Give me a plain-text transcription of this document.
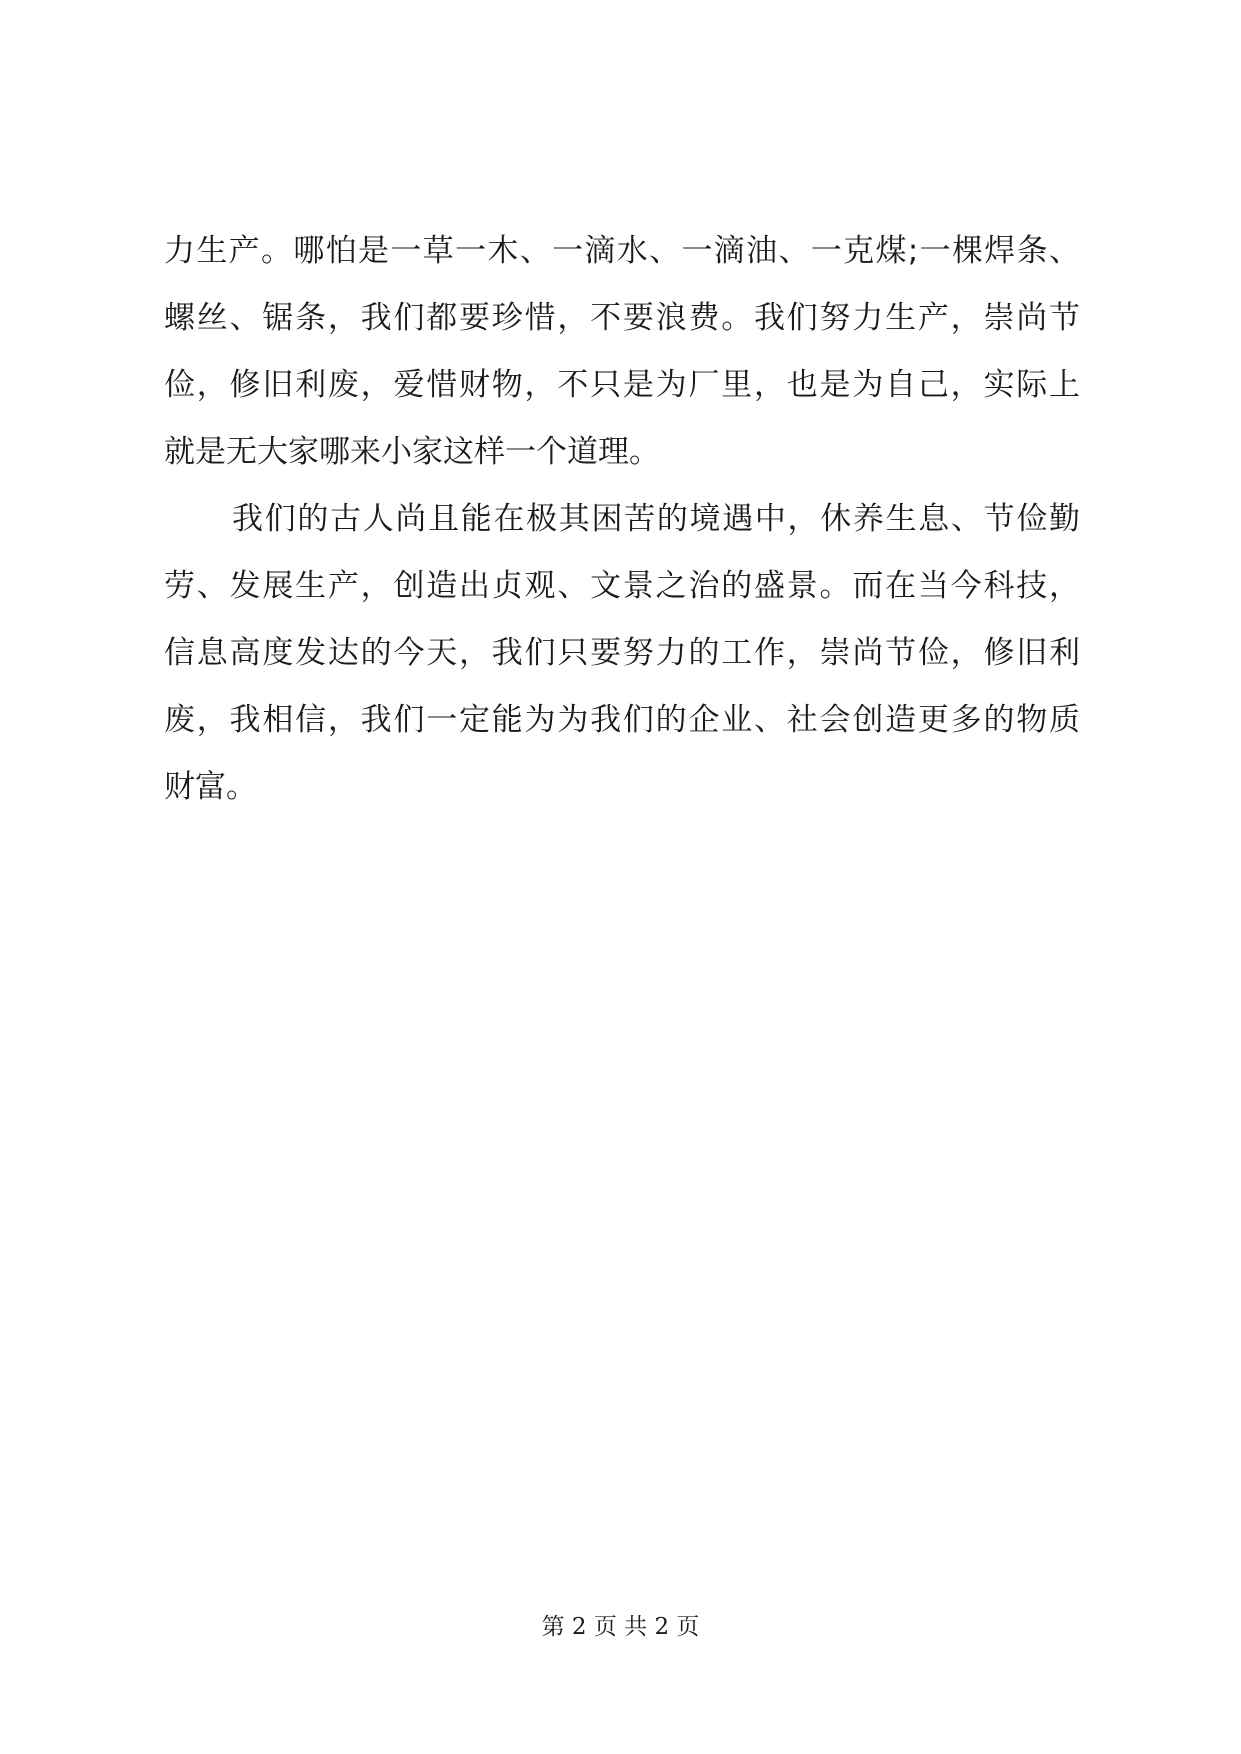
力生产。哪怕是一草一木、一滴水、一滴油、一克煤;一棵焊条、
螺丝、锯条，我们都要珍惜，不要浪费。我们努力生产，崇尚节
俭，修旧利废，爱惜财物，不只是为厂里，也是为自己，实际上
就是无大家哪来小家这样一个道理。
我们的古人尚且能在极其困苦的境遇中，休养生息、节俭勤
劳、发展生产，创造出贞观、文景之治的盛景。而在当今科技，
信息高度发达的今天，我们只要努力的工作，崇尚节俭，修旧利
废，我相信，我们一定能为为我们的企业、社会创造更多的物质
财富。
第 2 页 共 2 页
